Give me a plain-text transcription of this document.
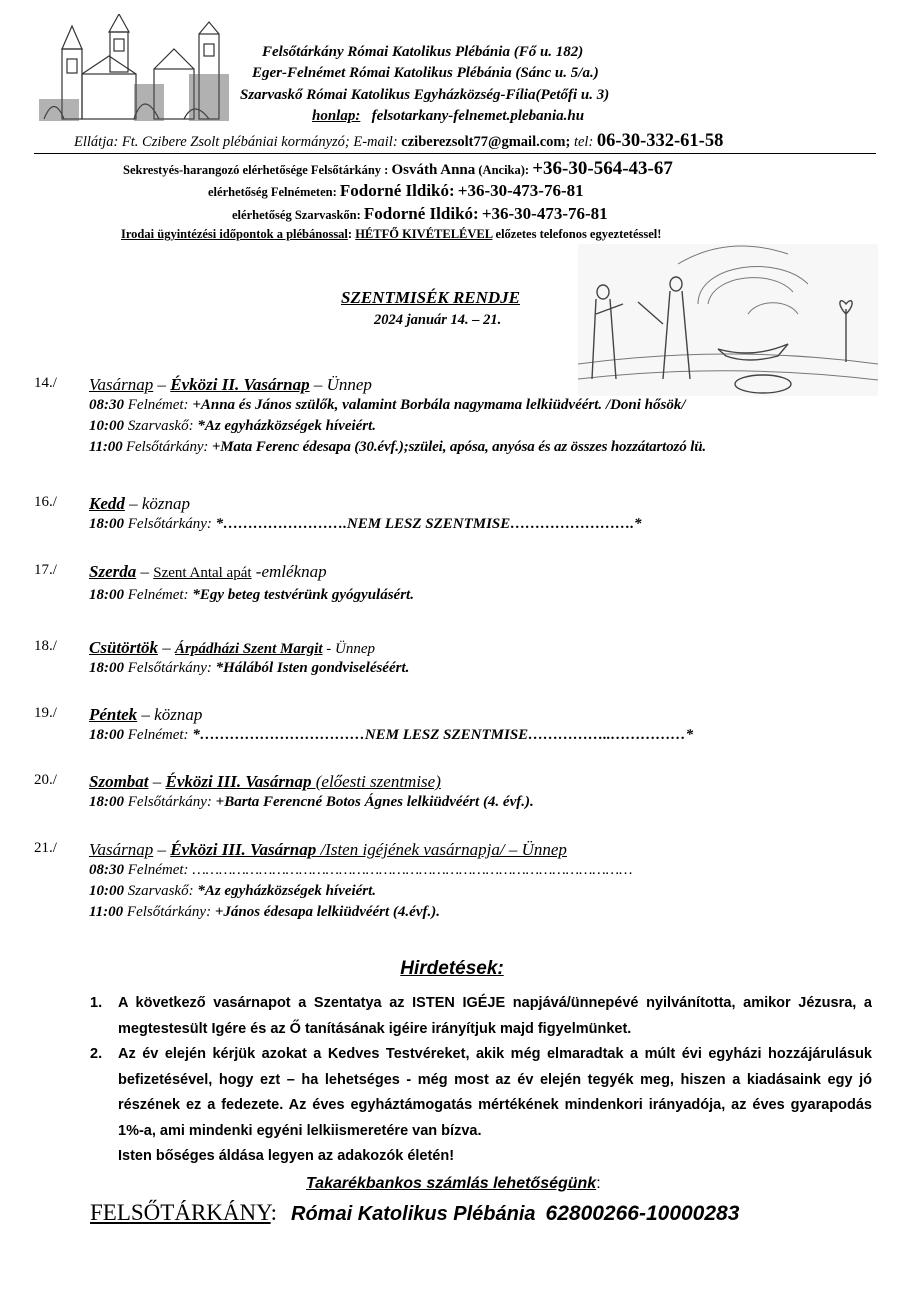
Felsőtárkány Római Katolikus Plébánia (Fő u. 182)
Eger-Felnémet Római Katolikus Plébánia (Sánc u. 5/a.)
Szarvaskő Római Katolikus Egyházközség-Fília(Petőfi u. 3)
honlap: felsotarkany-felnemet.plebania.hu
Ellátja: Ft. Czibere Zsolt plébániai kormányzó; E-mail: cziberezsolt77@gmail.com; tel: 06-30-332-61-58
Sekrestyés-harangozó elérhetősége Felsőtárkány : Osváth Anna (Ancika): +36-30-564-43-67
elérhetőség Felnémeten: Fodorné Ildikó: +36-30-473-76-81
elérhetőség Szarvaskőn: Fodorné Ildikó: +36-30-473-76-81
Irodai ügyintézési időpontok a plébánossal: HÉTFŐ KIVÉTELÉVEL előzetes telefonos egyeztetéssel!
SZENTMISÉK RENDJE
2024 január 14. – 21.
14./ Vasárnap – Évközi II. Vasárnap – Ünnep
08:30 Felnémet: +Anna és János szülők, valamint Borbála nagymama lelkiüdvéért. /Doni hősök/
10:00 Szarvaskő: *Az egyházközségek híveiért.
11:00 Felsőtárkány: +Mata Ferenc édesapa (30.évf.);szülei, apósa, anyósa és az összes hozzátartozó lü.
16./ Kedd – köznap
18:00 Felsőtárkány: *…………………….NEM LESZ SZENTMISE…………………….*
17./ Szerda – Szent Antal apát -emléknap
18:00 Felnémet: *Egy beteg testvérünk gyógyulásért.
18./ Csütörtök – Árpádházi Szent Margit - Ünnep
18:00 Felsőtárkány: *Hálából Isten gondviseléséért.
19./ Péntek – köznap
18:00 Felnémet: *……………………………NEM LESZ SZENTMISE……………..……………*
20./ Szombat – Évközi III. Vasárnap (előesti szentmise)
18:00 Felsőtárkány: +Barta Ferencné Botos Ágnes lelkiüdvéért (4. évf.).
21./ Vasárnap – Évközi III. Vasárnap /Isten igéjének vasárnapja/ – Ünnep
08:30 Felnémet: ………………………………………………………………………………………
10:00 Szarvaskő: *Az egyházközségek híveiért.
11:00 Felsőtárkány: +János édesapa lelkiüdvéért (4.évf.).
Hirdetések:
1. A következő vasárnapot a Szentatya az ISTEN IGÉJE napjává/ünnepévé nyilvánította, amikor Jézusra, a megtestesült Igére és az Ő tanításának igéire irányítjuk majd figyelmünket.
2. Az év elején kérjük azokat a Kedves Testvéreket, akik még elmaradtak a múlt évi egyházi hozzájárulásuk befizetésével, hogy ezt – ha lehetséges - még most az év elején tegyék meg, hiszen a kiadásaink egy jó részének ez a fedezete. Az éves egyháztámogatás mértékének mindenkori irányadója, az éves gyarapodás 1%-a, ami mindenki egyéni lelkiismeretére van bízva.
Isten bőséges áldása legyen az adakozók életén!
Takarékbankos számlás lehetőségünk:
FELSŐTÁRKÁNY: Római Katolikus Plébánia 62800266-10000283
